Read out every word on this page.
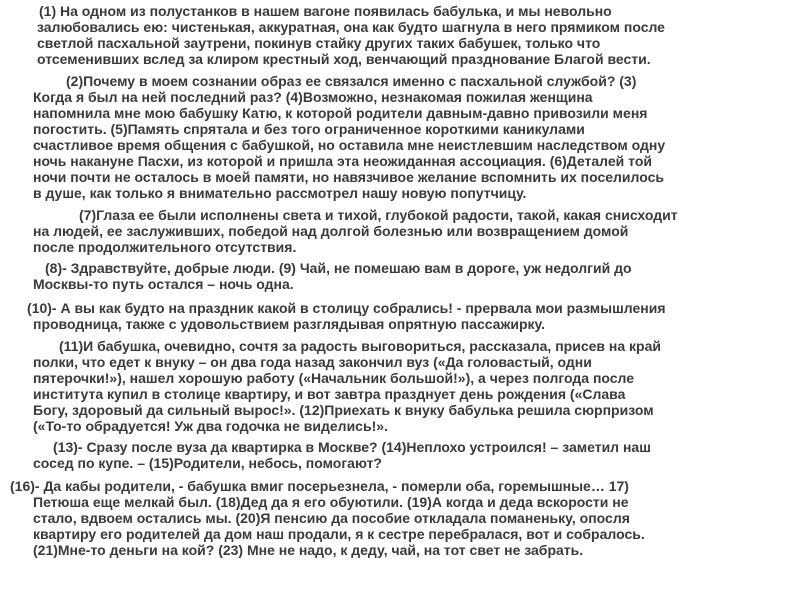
(1) На одном из полустанков в нашем вагоне появилась бабулька, и мы невольно
залюбовались ею: чистенькая, аккуратная, она как будто шагнула в него прямиком после
светлой пасхальной заутрени, покинув стайку других таких бабушек, только что
отсеменивших вслед за клиром крестный ход, венчающий празднование Благой вести.
(2)Почему в моем сознании образ ее связался именно с пасхальной службой? (3)
Когда я был на ней последний раз? (4)Возможно, незнакомая пожилая женщина
напомнила мне мою бабушку Катю, к которой родители давным-давно привозили меня
погостить. (5)Память спрятала и без того ограниченное короткими каникулами
счастливое время общения с бабушкой, но оставила мне неистлевшим наследством одну
ночь накануне Пасхи, из которой и пришла эта неожиданная ассоциация. (6)Деталей той
ночи почти не осталось в моей памяти, но навязчивое желание вспомнить их поселилось
в душе, как только я внимательно рассмотрел нашу новую попутчицу.
(7)Глаза ее были исполнены света и тихой, глубокой радости, такой, какая снисходит
на людей, ее заслуживших, победой над долгой болезнью или возвращением домой
после продолжительного отсутствия.
(8)- Здравствуйте, добрые люди. (9) Чай, не помешаю вам в дороге, уж недолгий до
Москвы-то путь остался – ночь одна.
(10)- А вы как будто на праздник какой в столицу собрались! - прервала мои размышления
проводница, также с удовольствием разглядывая опрятную пассажирку.
(11)И бабушка, очевидно, сочтя за радость выговориться, рассказала, присев на край
полки, что едет к внуку – он два года назад закончил вуз («Да головастый, одни
пятерочки!»), нашел хорошую работу («Начальник большой!»), а через полгода после
института купил в столице квартиру, и вот завтра празднует день рождения («Слава
Богу, здоровый да сильный вырос!». (12)Приехать к внуку бабулька решила сюрпризом
(«То-то обрадуется! Уж два годочка не виделись!».
(13)- Сразу после вуза да квартирка в Москве? (14)Неплохо устроился! – заметил наш
сосед по купе. – (15)Родители, небось, помогают?
(16)- Да кабы родители, - бабушка вмиг посерьезнела, - померли оба, горемышные… 17)
Петюша еще мелкай был. (18)Дед да я его обуютили. (19)А когда и деда вскорости не
стало, вдвоем остались мы. (20)Я пенсию да пособие откладала поманеньку, опосля
квартиру его родителей да дом наш продали, я к сестре перебралася, вот и собралось.
(21)Мне-то деньги на кой? (23) Мне не надо, к деду, чай, на тот свет не забрать.
